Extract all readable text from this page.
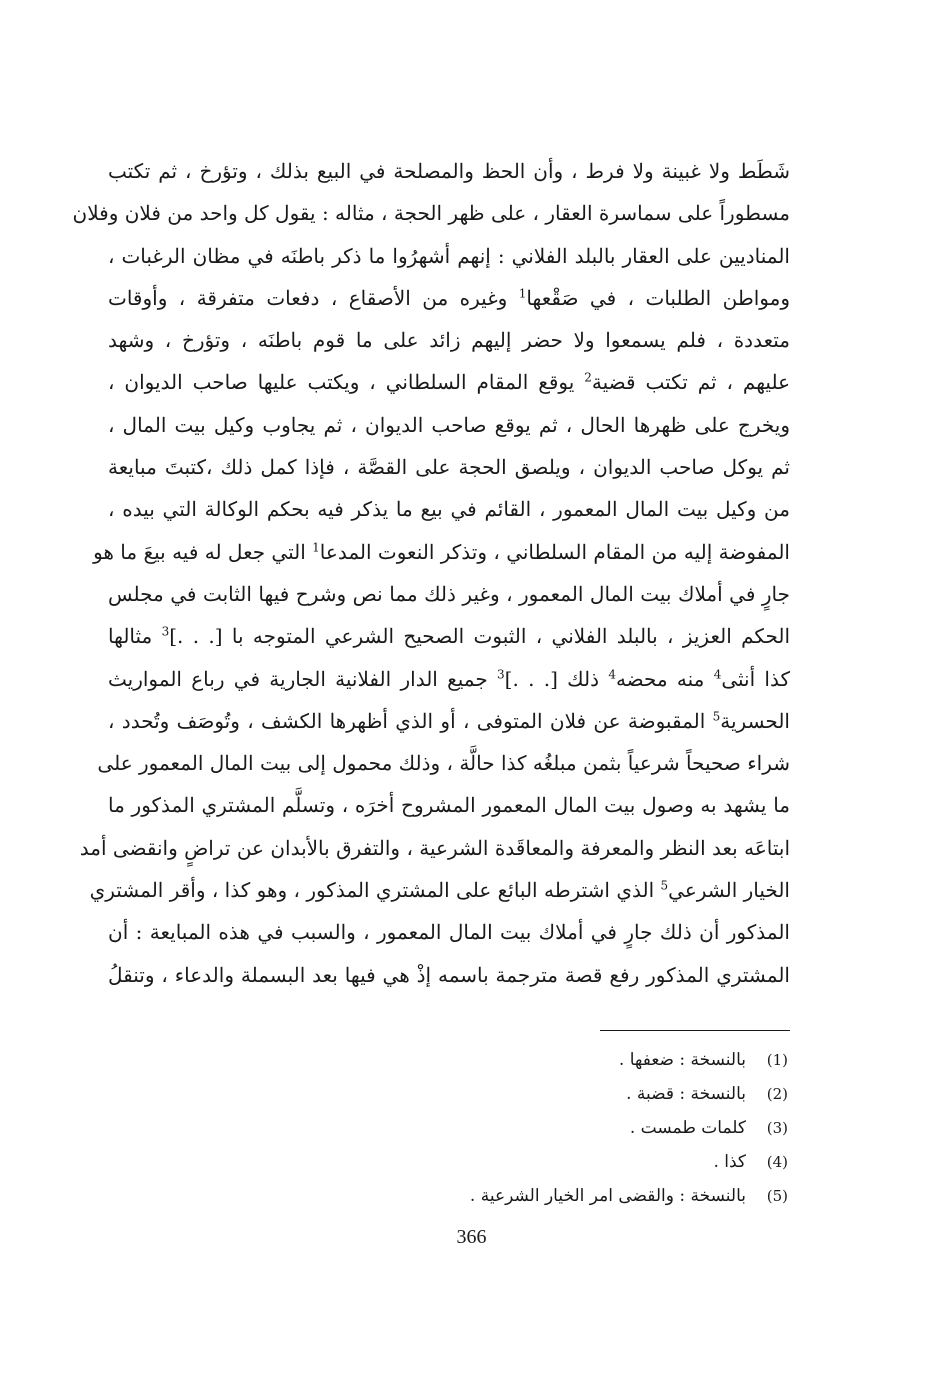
شَطَط ولا غبينة ولا فرط ، وأن الحظ والمصلحة في البيع بذلك ، وتؤرخ ، ثم تكتب
مسطوراً على سماسرة العقار ، على ظهر الحجة ، مثاله : يقول كل واحد من فلان وفلان
المناديين على العقار بالبلد الفلاني : إنهم أشهرُوا ما ذكر باطنَه في مظان الرغبات ،
ومواطن الطلبات ، في صَقْعها$^1$ وغيره من الأصقاع ، دفعات متفرقة ، وأوقات
متعددة ، فلم يسمعوا ولا حضر إليهم زائد على ما قوم باطنَه ، وتؤرخ ، وشهد
عليهم ، ثم تكتب قضية$^2$ يوقع المقام السلطاني ، ويكتب عليها صاحب الديوان ،
ويخرج على ظهرها الحال ، ثم يوقع صاحب الديوان ، ثم يجاوب وكيل بيت المال ،
ثم يوكل صاحب الديوان ، ويلصق الحجة على القصَّة ، فإذا كمل ذلك ،كتبتَ مبايعة
من وكيل بيت المال المعمور ، القائم في بيع ما يذكر فيه بحكم الوكالة التي بيده ،
المفوضة إليه من المقام السلطاني ، وتذكر النعوت المدعا$^1$ التي جعل له فيه بيعَ ما هو
جارٍ في أملاك بيت المال المعمور ، وغير ذلك مما نص وشرح فيها الثابت في مجلس
الحكم العزيز ، بالبلد الفلاني ، الثبوت الصحيح الشرعي المتوجه با [. . .]$^3$ مثالها
كذا أنثى$^4$ منه محضه$^4$ ذلك [. . .]$^3$ جميع الدار الفلانية الجارية في رباع المواريث
الحسرية$^5$ المقبوضة عن فلان المتوفى ، أو الذي أظهرها الكشف ، وتُوصَف وتُحدد ،
شراء صحيحاً شرعياً بثمن مبلغُه كذا حالَّة ، وذلك محمول إلى بيت المال المعمور على
ما يشهد به وصول بيت المال المعمور المشروح أخرَه ، وتسلَّم المشتري المذكور ما
ابتاعَه بعد النظر والمعرفة والمعاقَدة الشرعية ، والتفرق بالأبدان عن تراضٍ وانقضى أمد
الخيار الشرعي$^5$ الذي اشترطه البائع على المشتري المذكور ، وهو كذا ، وأقر المشتري
المذكور أن ذلك جارٍ في أملاك بيت المال المعمور ، والسبب في هذه المبايعة : أن
المشتري المذكور رفع قصة مترجمة باسمه إذْ هي فيها بعد البسملة والدعاء ، وتنقلُ
(1)
بالنسخة : ضعفها .
(2)
بالنسخة : قضبة .
(3)
كلمات طمست .
(4)
كذا .
(5)
بالنسخة : والقضى امر الخيار الشرعية .
366
